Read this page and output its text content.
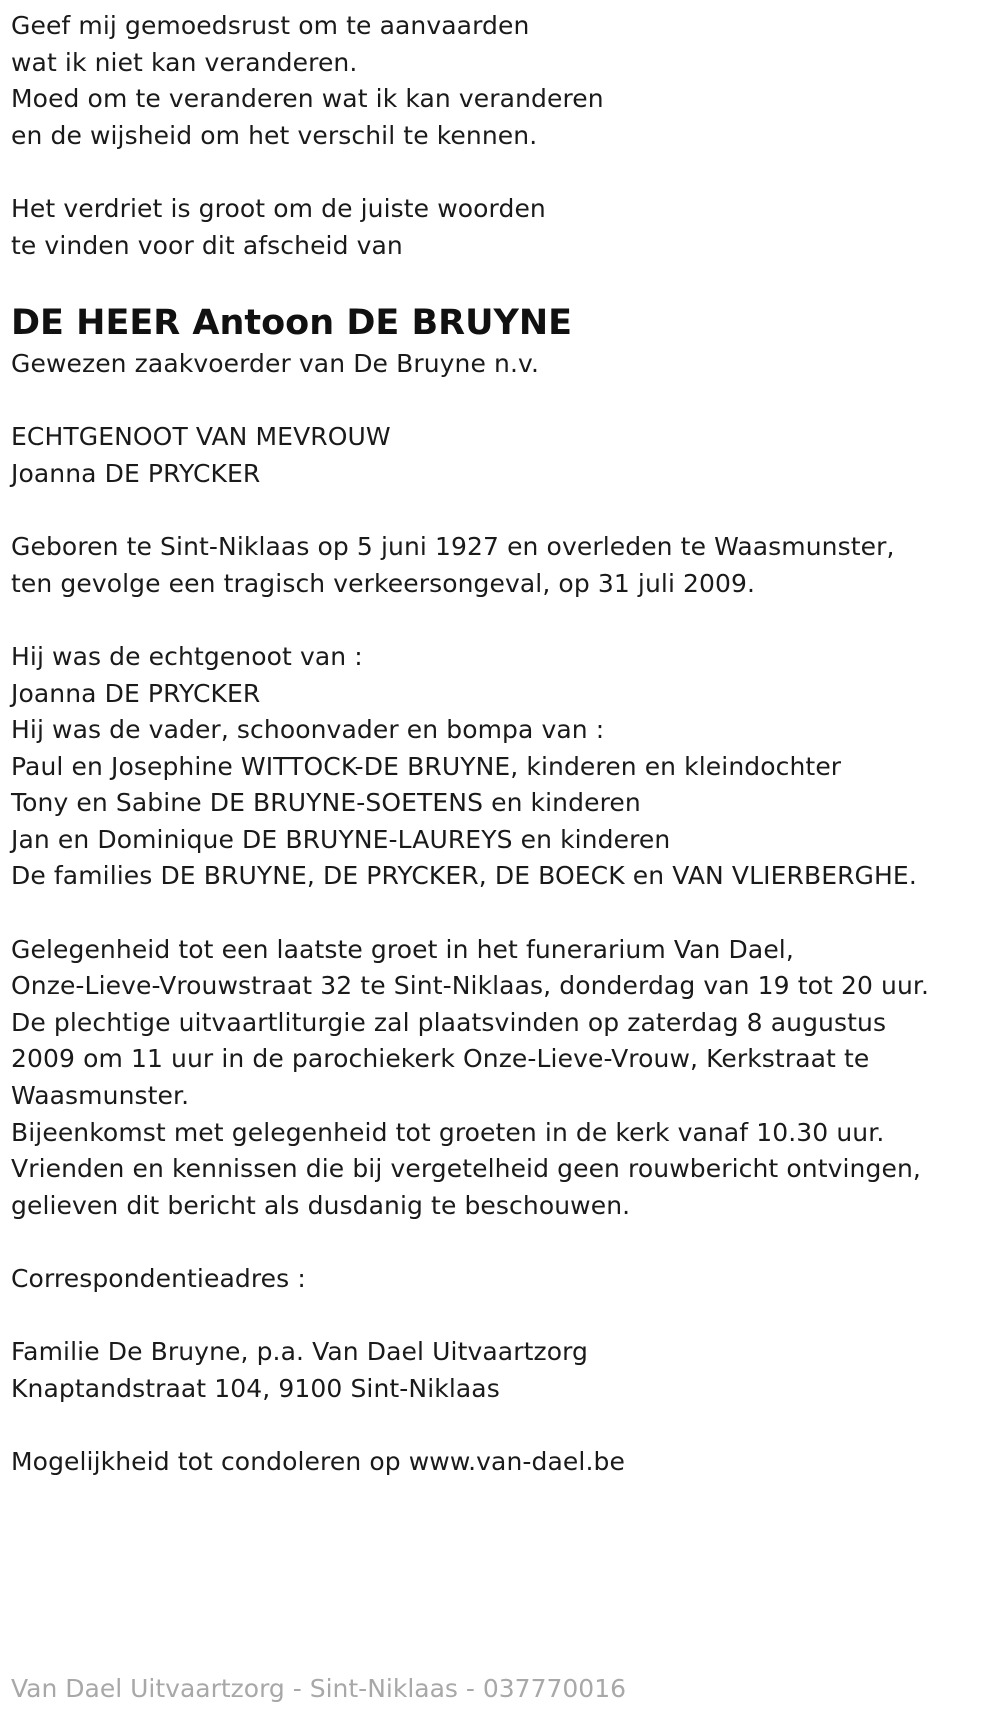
Geef mij gemoedsrust om te aanvaarden
wat ik niet kan veranderen.
Moed om te veranderen wat ik kan veranderen
en de wijsheid om het verschil te kennen.
Het verdriet is groot om de juiste woorden
te vinden voor dit afscheid van
DE HEER Antoon DE BRUYNE
Gewezen zaakvoerder van De Bruyne n.v.
ECHTGENOOT VAN MEVROUW
Joanna DE PRYCKER
Geboren te Sint-Niklaas op 5 juni 1927 en overleden te Waasmunster,
ten gevolge een tragisch verkeersongeval, op 31 juli 2009.
Hij was de echtgenoot van :
Joanna DE PRYCKER
Hij was de vader, schoonvader en bompa van :
Paul en Josephine WITTOCK-DE BRUYNE, kinderen en kleindochter
Tony en Sabine DE BRUYNE-SOETENS en kinderen
Jan en Dominique DE BRUYNE-LAUREYS en kinderen
De families DE BRUYNE, DE PRYCKER, DE BOECK en VAN VLIERBERGHE.
Gelegenheid tot een laatste groet in het funerarium Van Dael,
Onze-Lieve-Vrouwstraat 32 te Sint-Niklaas, donderdag van 19 tot 20 uur.
De plechtige uitvaartliturgie zal plaatsvinden op zaterdag 8 augustus
2009 om 11 uur in de parochiekerk Onze-Lieve-Vrouw, Kerkstraat te
Waasmunster.
Bijeenkomst met gelegenheid tot groeten in de kerk vanaf 10.30 uur.
Vrienden en kennissen die bij vergetelheid geen rouwbericht ontvingen,
gelieven dit bericht als dusdanig te beschouwen.
Correspondentieadres :
Familie De Bruyne, p.a. Van Dael Uitvaartzorg
Knaptandstraat 104, 9100 Sint-Niklaas
Mogelijkheid tot condoleren op www.van-dael.be
Van Dael Uitvaartzorg - Sint-Niklaas - 037770016
